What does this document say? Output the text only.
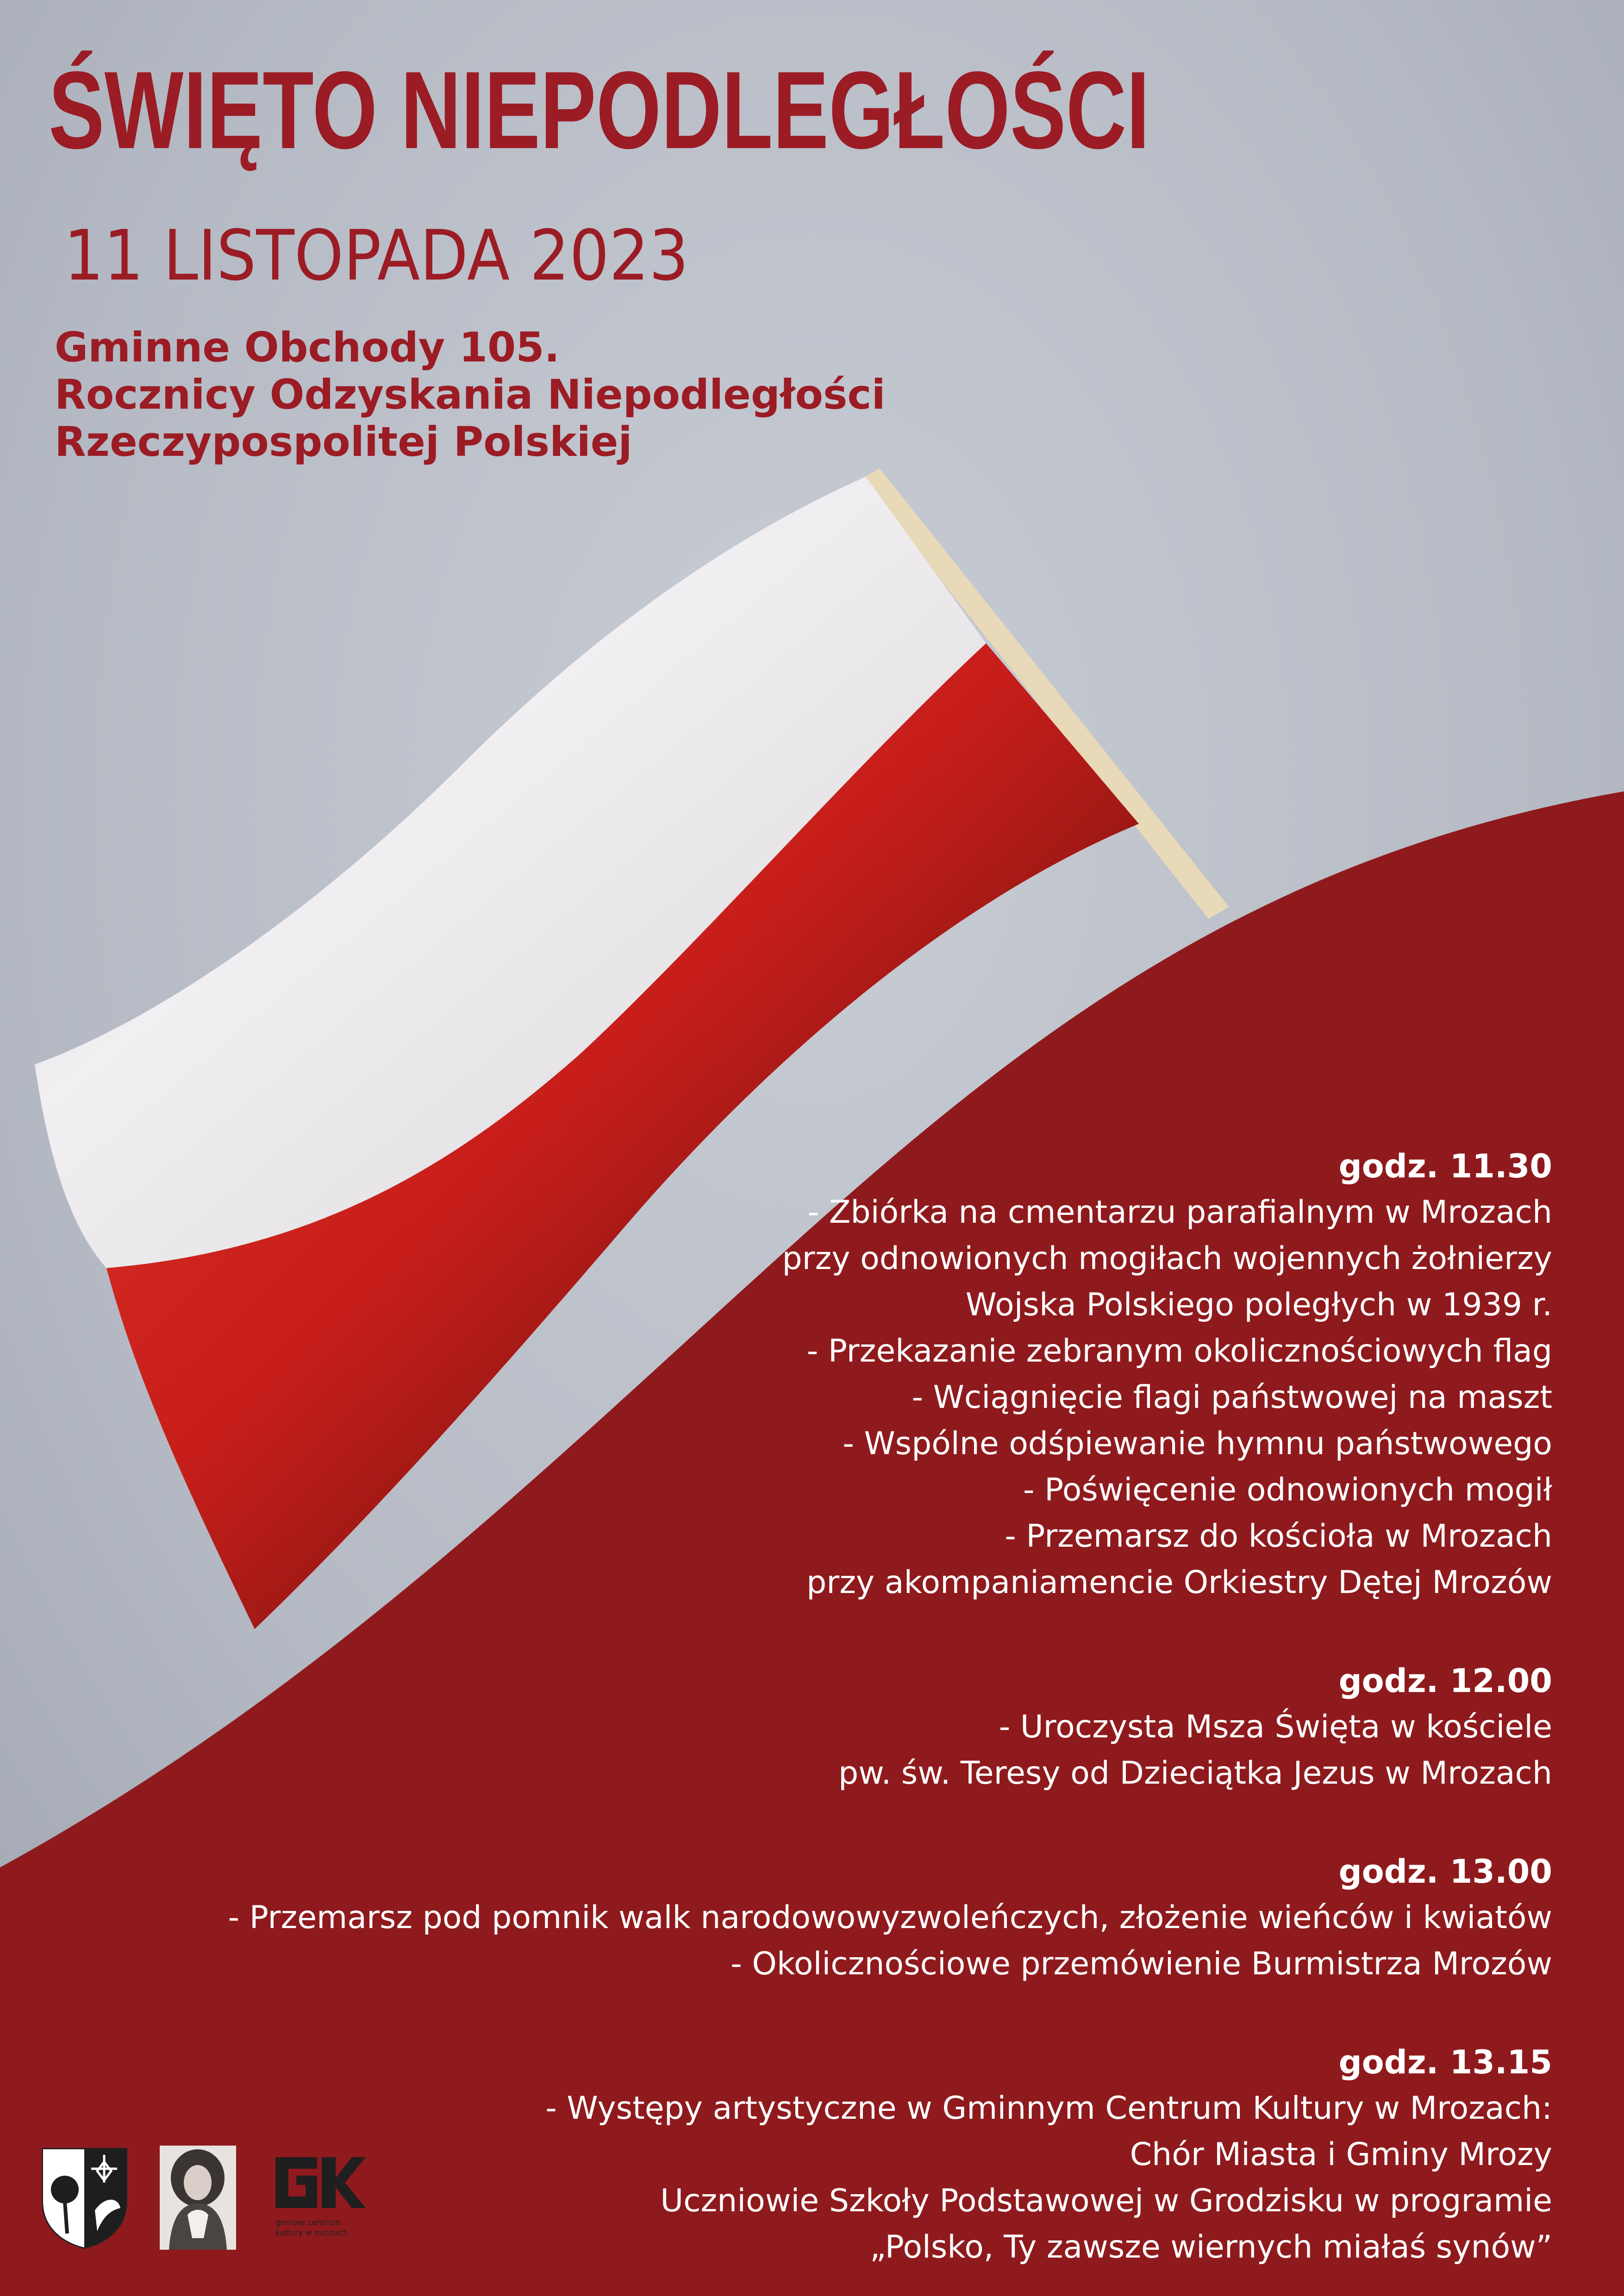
ŚWIĘTO NIEPODLEGŁOŚCI
11 LISTOPADA 2023
Gminne Obchody 105.
Rocznicy Odzyskania Niepodległości
Rzeczypospolitej Polskiej
godz. 11.30
- Zbiórka na cmentarzu parafialnym w Mrozach
przy odnowionych mogiłach wojennych żołnierzy
Wojska Polskiego poległych w 1939 r.
- Przekazanie zebranym okolicznościowych flag
- Wciągnięcie flagi państwowej na maszt
- Wspólne odśpiewanie hymnu państwowego
- Poświęcenie odnowionych mogił
- Przemarsz do kościoła w Mrozach
przy akompaniamencie Orkiestry Dętej Mrozów
godz. 12.00
- Uroczysta Msza Święta w kościele
pw. św. Teresy od Dzieciątka Jezus w Mrozach
godz. 13.00
- Przemarsz pod pomnik walk narodowowyzwoleńczych, złożenie wieńców i kwiatów
- Okolicznościowe przemówienie Burmistrza Mrozów
godz. 13.15
- Występy artystyczne w Gminnym Centrum Kultury w Mrozach:
Chór Miasta i Gminy Mrozy
Uczniowie Szkoły Podstawowej w Grodzisku w programie
„Polsko, Ty zawsze wiernych miałaś synów”
gminne centrum
kultury w mrozach
